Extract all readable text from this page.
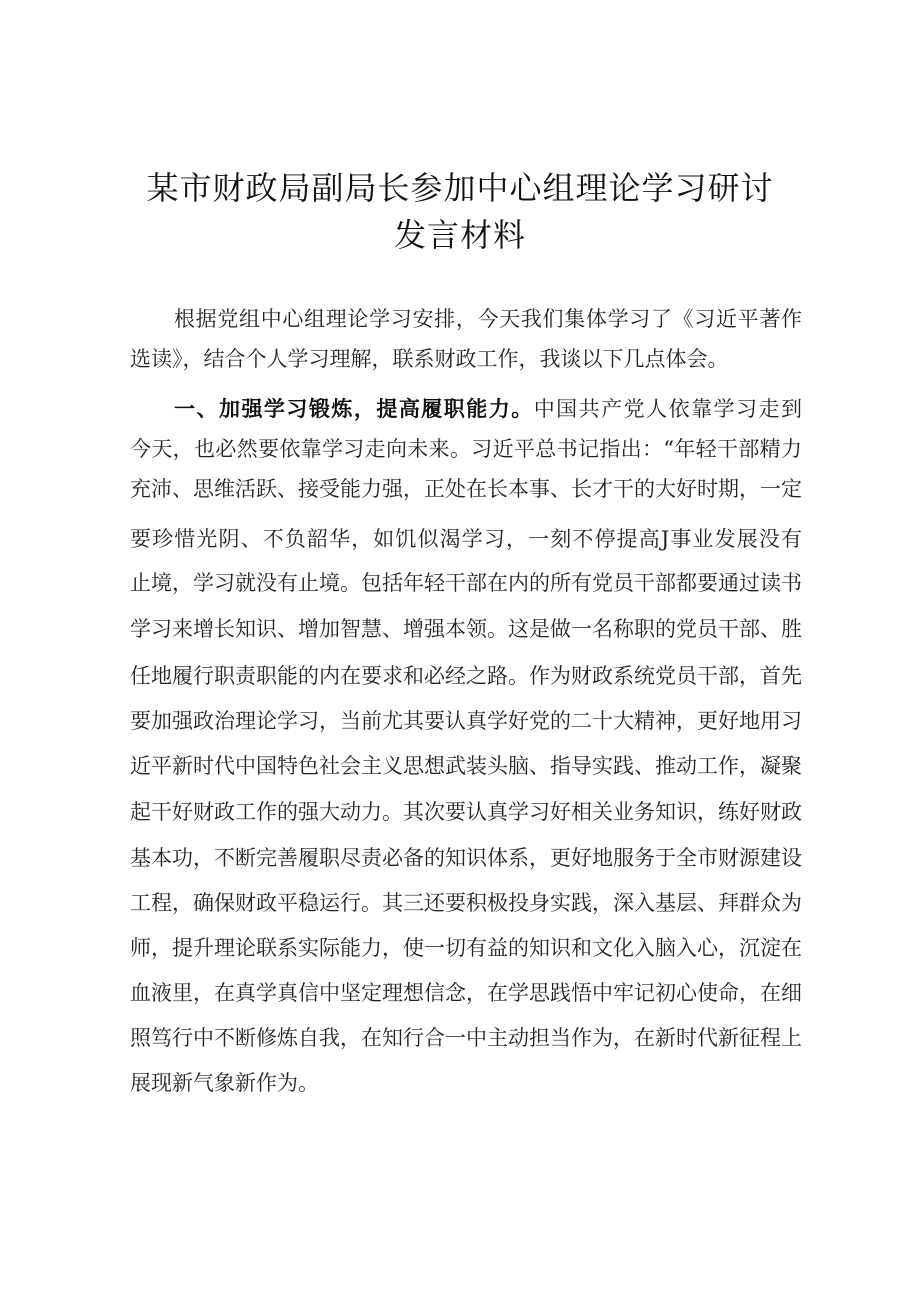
某市财政局副局长参加中心组理论学习研讨
发言材料
根据党组中心组理论学习安排，今天我们集体学习了《习近平著作
选读》，结合个人学习理解，联系财政工作，我谈以下几点体会。
一、加强学习锻炼，提高履职能力。中国共产党人依靠学习走到
今天，也必然要依靠学习走向未来。习近平总书记指出：“年轻干部精力
充沛、思维活跃、接受能力强，正处在长本事、长才干的大好时期，一定
要珍惜光阴、不负韶华，如饥似渴学习，一刻不停提高J事业发展没有
止境，学习就没有止境。包括年轻干部在内的所有党员干部都要通过读书
学习来增长知识、增加智慧、增强本领。这是做一名称职的党员干部、胜
任地履行职责职能的内在要求和必经之路。作为财政系统党员干部，首先
要加强政治理论学习，当前尤其要认真学好党的二十大精神，更好地用习
近平新时代中国特色社会主义思想武装头脑、指导实践、推动工作，凝聚
起干好财政工作的强大动力。其次要认真学习好相关业务知识，练好财政
基本功，不断完善履职尽责必备的知识体系，更好地服务于全市财源建设
工程，确保财政平稳运行。其三还要积极投身实践，深入基层、拜群众为
师，提升理论联系实际能力，使一切有益的知识和文化入脑入心，沉淀在
血液里，在真学真信中坚定理想信念，在学思践悟中牢记初心使命，在细
照笃行中不断修炼自我，在知行合一中主动担当作为，在新时代新征程上
展现新气象新作为。
